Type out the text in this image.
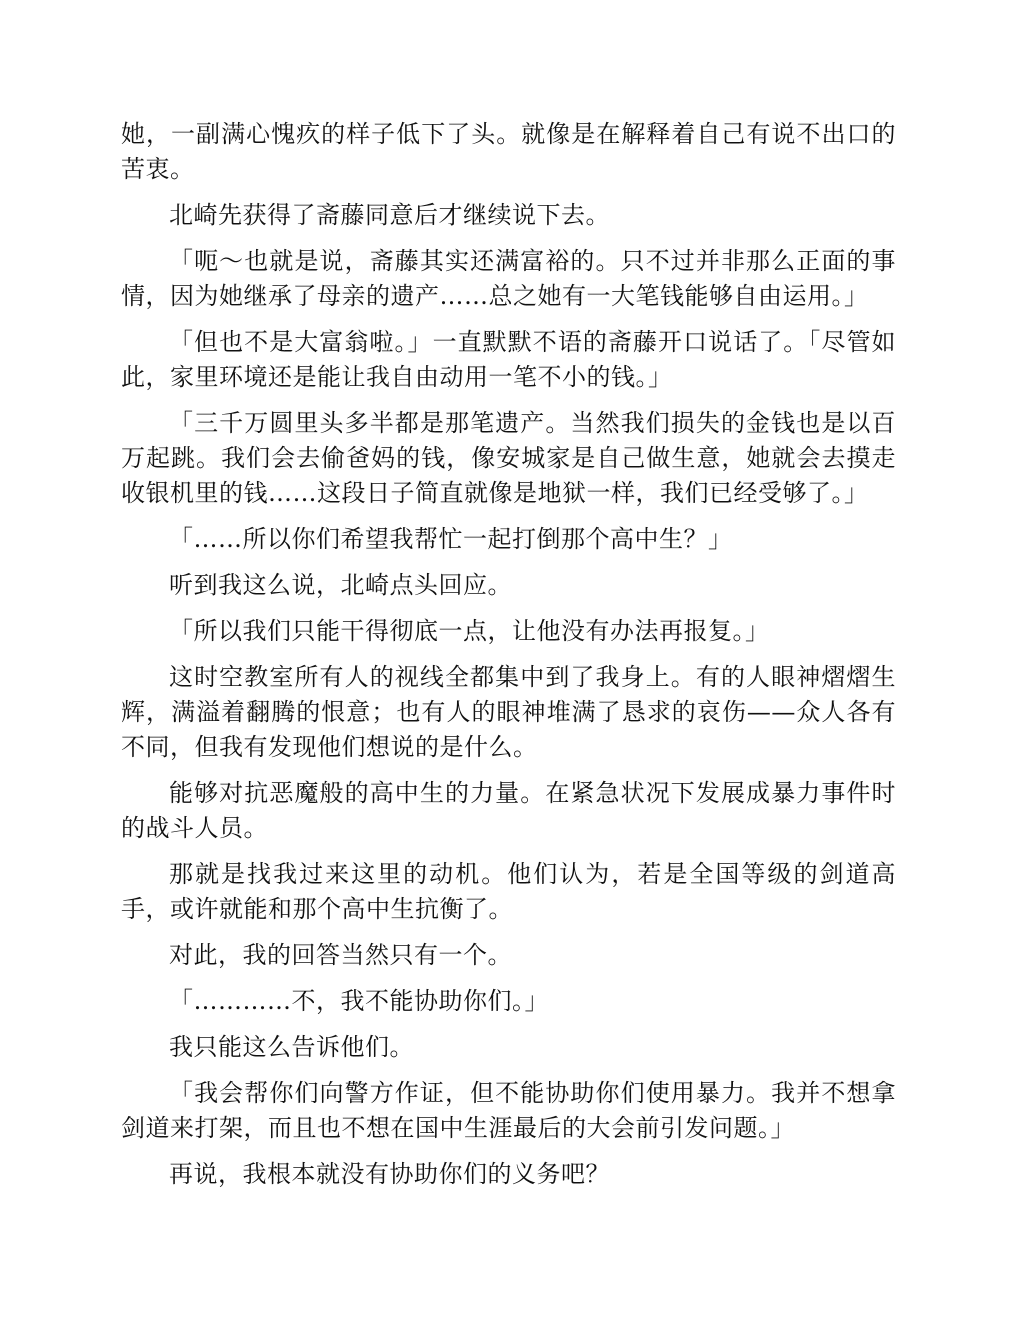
她，一副满心愧疚的样子低下了头。就像是在解释着自己有说不出口的苦衷。

北崎先获得了斋藤同意后才继续说下去。

「呃～也就是说，斋藤其实还满富裕的。只不过并非那么正面的事情，因为她继承了母亲的遗产……总之她有一大笔钱能够自由运用。」

「但也不是大富翁啦。」一直默默不语的斋藤开口说话了。「尽管如此，家里环境还是能让我自由动用一笔不小的钱。」

「三千万圆里头多半都是那笔遗产。当然我们损失的金钱也是以百万起跳。我们会去偷爸妈的钱，像安城家是自己做生意，她就会去摸走收银机里的钱……这段日子简直就像是地狱一样，我们已经受够了。」

「……所以你们希望我帮忙一起打倒那个高中生？」

听到我这么说，北崎点头回应。

「所以我们只能干得彻底一点，让他没有办法再报复。」

这时空教室所有人的视线全都集中到了我身上。有的人眼神熠熠生辉，满溢着翻腾的恨意；也有人的眼神堆满了恳求的哀伤——众人各有不同，但我有发现他们想说的是什么。

能够对抗恶魔般的高中生的力量。在紧急状况下发展成暴力事件时的战斗人员。

那就是找我过来这里的动机。他们认为，若是全国等级的剑道高手，或许就能和那个高中生抗衡了。

对此，我的回答当然只有一个。

「…………不，我不能协助你们。」

我只能这么告诉他们。

「我会帮你们向警方作证，但不能协助你们使用暴力。我并不想拿剑道来打架，而且也不想在国中生涯最后的大会前引发问题。」

再说，我根本就没有协助你们的义务吧？
